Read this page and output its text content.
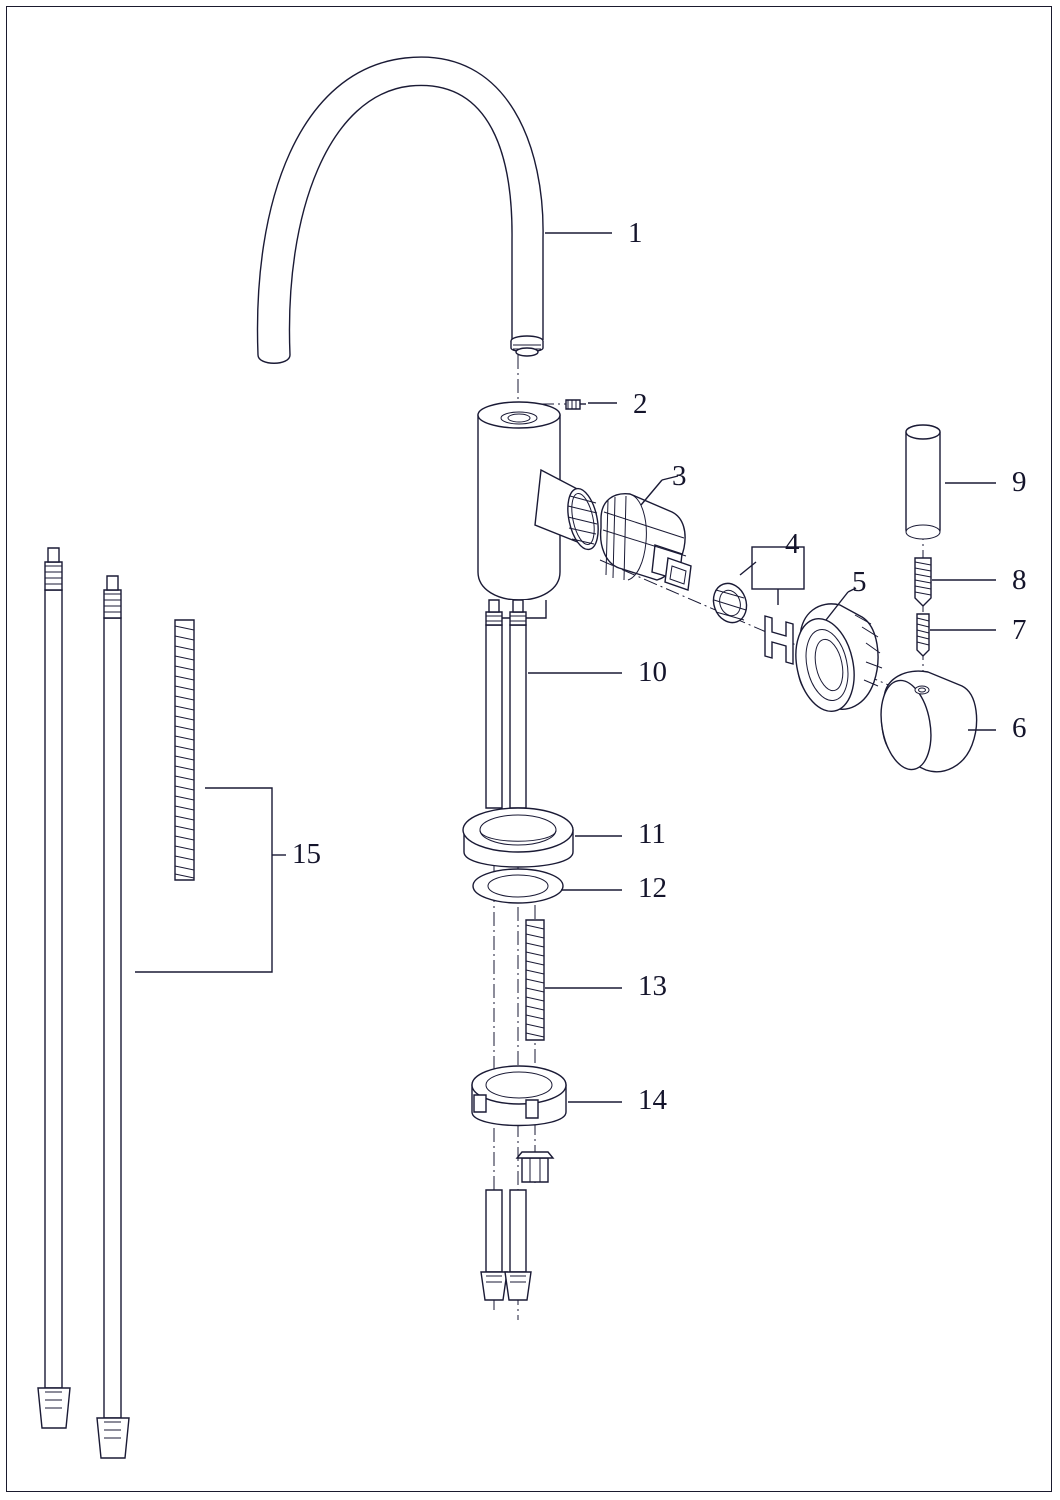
1
2
3
4
5
6
7
8
9
10
11
12
13
14
15
